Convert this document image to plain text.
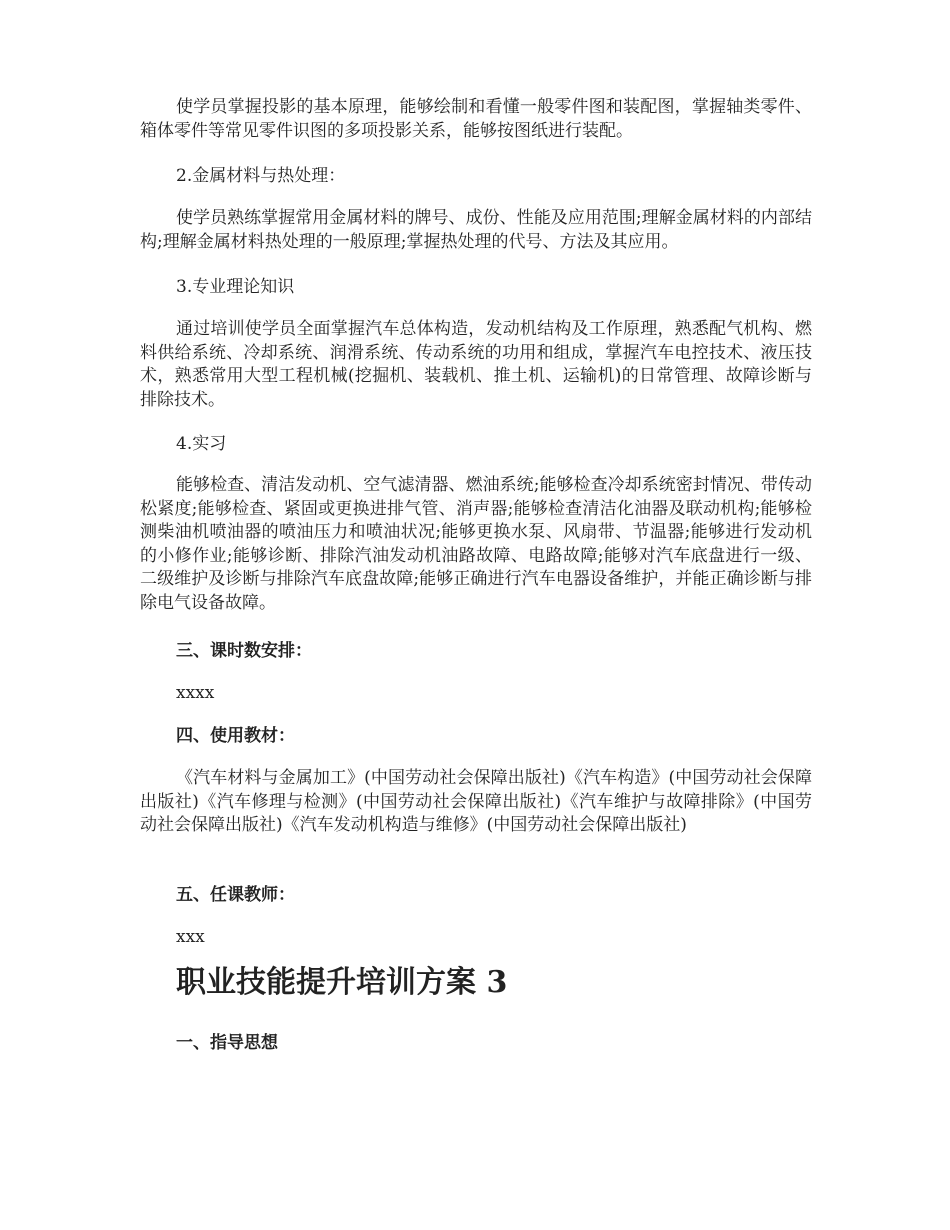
使学员掌握投影的基本原理，能够绘制和看懂一般零件图和装配图，掌握轴类零件、箱体零件等常见零件识图的多项投影关系，能够按图纸进行装配。

2.金属材料与热处理：

使学员熟练掌握常用金属材料的牌号、成份、性能及应用范围;理解金属材料的内部结构;理解金属材料热处理的一般原理;掌握热处理的代号、方法及其应用。

3.专业理论知识

通过培训使学员全面掌握汽车总体构造，发动机结构及工作原理，熟悉配气机构、燃料供给系统、冷却系统、润滑系统、传动系统的功用和组成，掌握汽车电控技术、液压技术，熟悉常用大型工程机械(挖掘机、装载机、推土机、运输机)的日常管理、故障诊断与排除技术。

4.实习

能够检查、清洁发动机、空气滤清器、燃油系统;能够检查冷却系统密封情况、带传动松紧度;能够检查、紧固或更换进排气管、消声器;能够检查清洁化油器及联动机构;能够检测柴油机喷油器的喷油压力和喷油状况;能够更换水泵、风扇带、节温器;能够进行发动机的小修作业;能够诊断、排除汽油发动机油路故障、电路故障;能够对汽车底盘进行一级、二级维护及诊断与排除汽车底盘故障;能够正确进行汽车电器设备维护，并能正确诊断与排除电气设备故障。

三、课时数安排：

xxxx

四、使用教材：

《汽车材料与金属加工》(中国劳动社会保障出版社)《汽车构造》(中国劳动社会保障出版社)《汽车修理与检测》(中国劳动社会保障出版社)《汽车维护与故障排除》(中国劳动社会保障出版社)《汽车发动机构造与维修》(中国劳动社会保障出版社)

五、任课教师：

xxx

职业技能提升培训方案 3

一、指导思想
